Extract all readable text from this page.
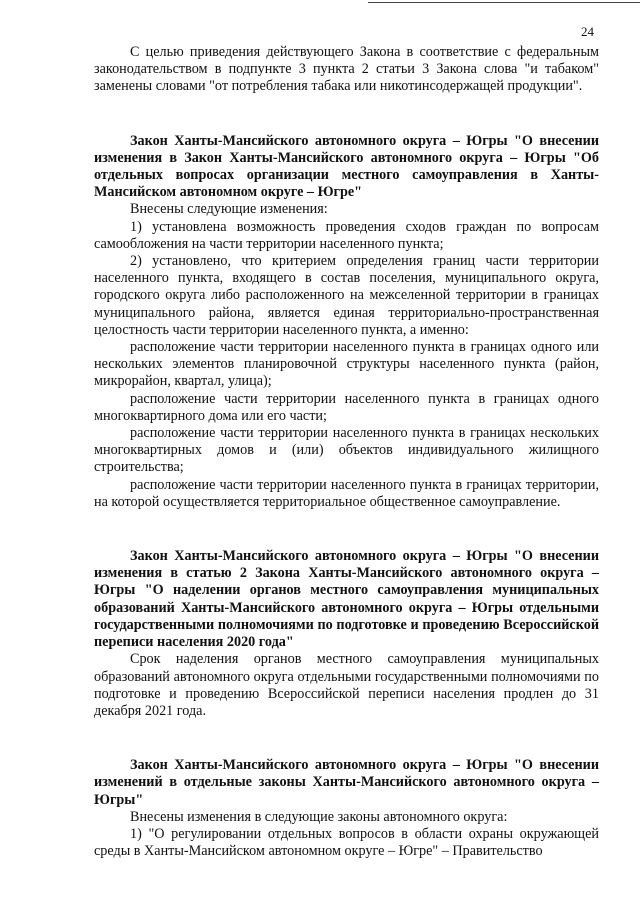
24

С целью приведения действующего Закона в соответствие с федеральным законодательством в подпункте 3 пункта 2 статьи 3 Закона слова "и табаком" заменены словами "от потребления табака или никотинсодержащей продукции".

Закон Ханты-Мансийского автономного округа – Югры "О внесении изменения в Закон Ханты-Мансийского автономного округа – Югры "Об отдельных вопросах организации местного самоуправления в Ханты-Мансийском автономном округе – Югре"

Внесены следующие изменения:

1) установлена возможность проведения сходов граждан по вопросам самообложения на части территории населенного пункта;

2) установлено, что критерием определения границ части территории населенного пункта, входящего в состав поселения, муниципального округа, городского округа либо расположенного на межселенной территории в границах муниципального района, является единая территориально-пространственная целостность части территории населенного пункта, а именно:

расположение части территории населенного пункта в границах одного или нескольких элементов планировочной структуры населенного пункта (район, микрорайон, квартал, улица);

расположение части территории населенного пункта в границах одного многоквартирного дома или его части;

расположение части территории населенного пункта в границах нескольких многоквартирных домов и (или) объектов индивидуального жилищного строительства;

расположение части территории населенного пункта в границах территории, на которой осуществляется территориальное общественное самоуправление.

Закон Ханты-Мансийского автономного округа – Югры "О внесении изменения в статью 2 Закона Ханты-Мансийского автономного округа – Югры "О наделении органов местного самоуправления муниципальных образований Ханты-Мансийского автономного округа – Югры отдельными государственными полномочиями по подготовке и проведению Всероссийской переписи населения 2020 года"

Срок наделения органов местного самоуправления муниципальных образований автономного округа отдельными государственными полномочиями по подготовке и проведению Всероссийской переписи населения продлен до 31 декабря 2021 года.

Закон Ханты-Мансийского автономного округа – Югры "О внесении изменений в отдельные законы Ханты-Мансийского автономного округа – Югры"

Внесены изменения в следующие законы автономного округа:

1) "О регулировании отдельных вопросов в области охраны окружающей среды в Ханты-Мансийском автономном округе – Югре" – Правительство
